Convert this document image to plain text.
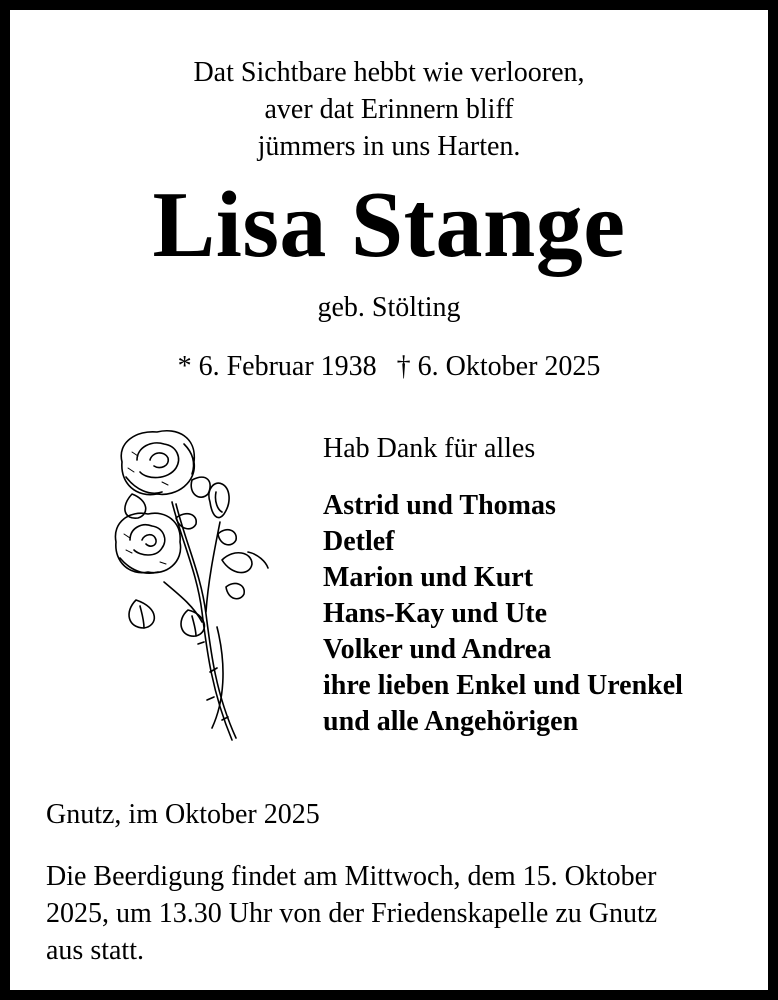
Dat Sichtbare hebbt wie verlooren,
aver dat Erinnern bliff
jümmers in uns Harten.
Lisa Stange
geb. Stölting
* 6. Februar 1938 † 6. Oktober 2025
Hab Dank für alles
Astrid und Thomas
Detlef
Marion und Kurt
Hans-Kay und Ute
Volker und Andrea
ihre lieben Enkel und Urenkel
und alle Angehörigen
Gnutz, im Oktober 2025
Die Beerdigung findet am Mittwoch, dem 15. Oktober
2025, um 13.30 Uhr von der Friedenskapelle zu Gnutz
aus statt.
